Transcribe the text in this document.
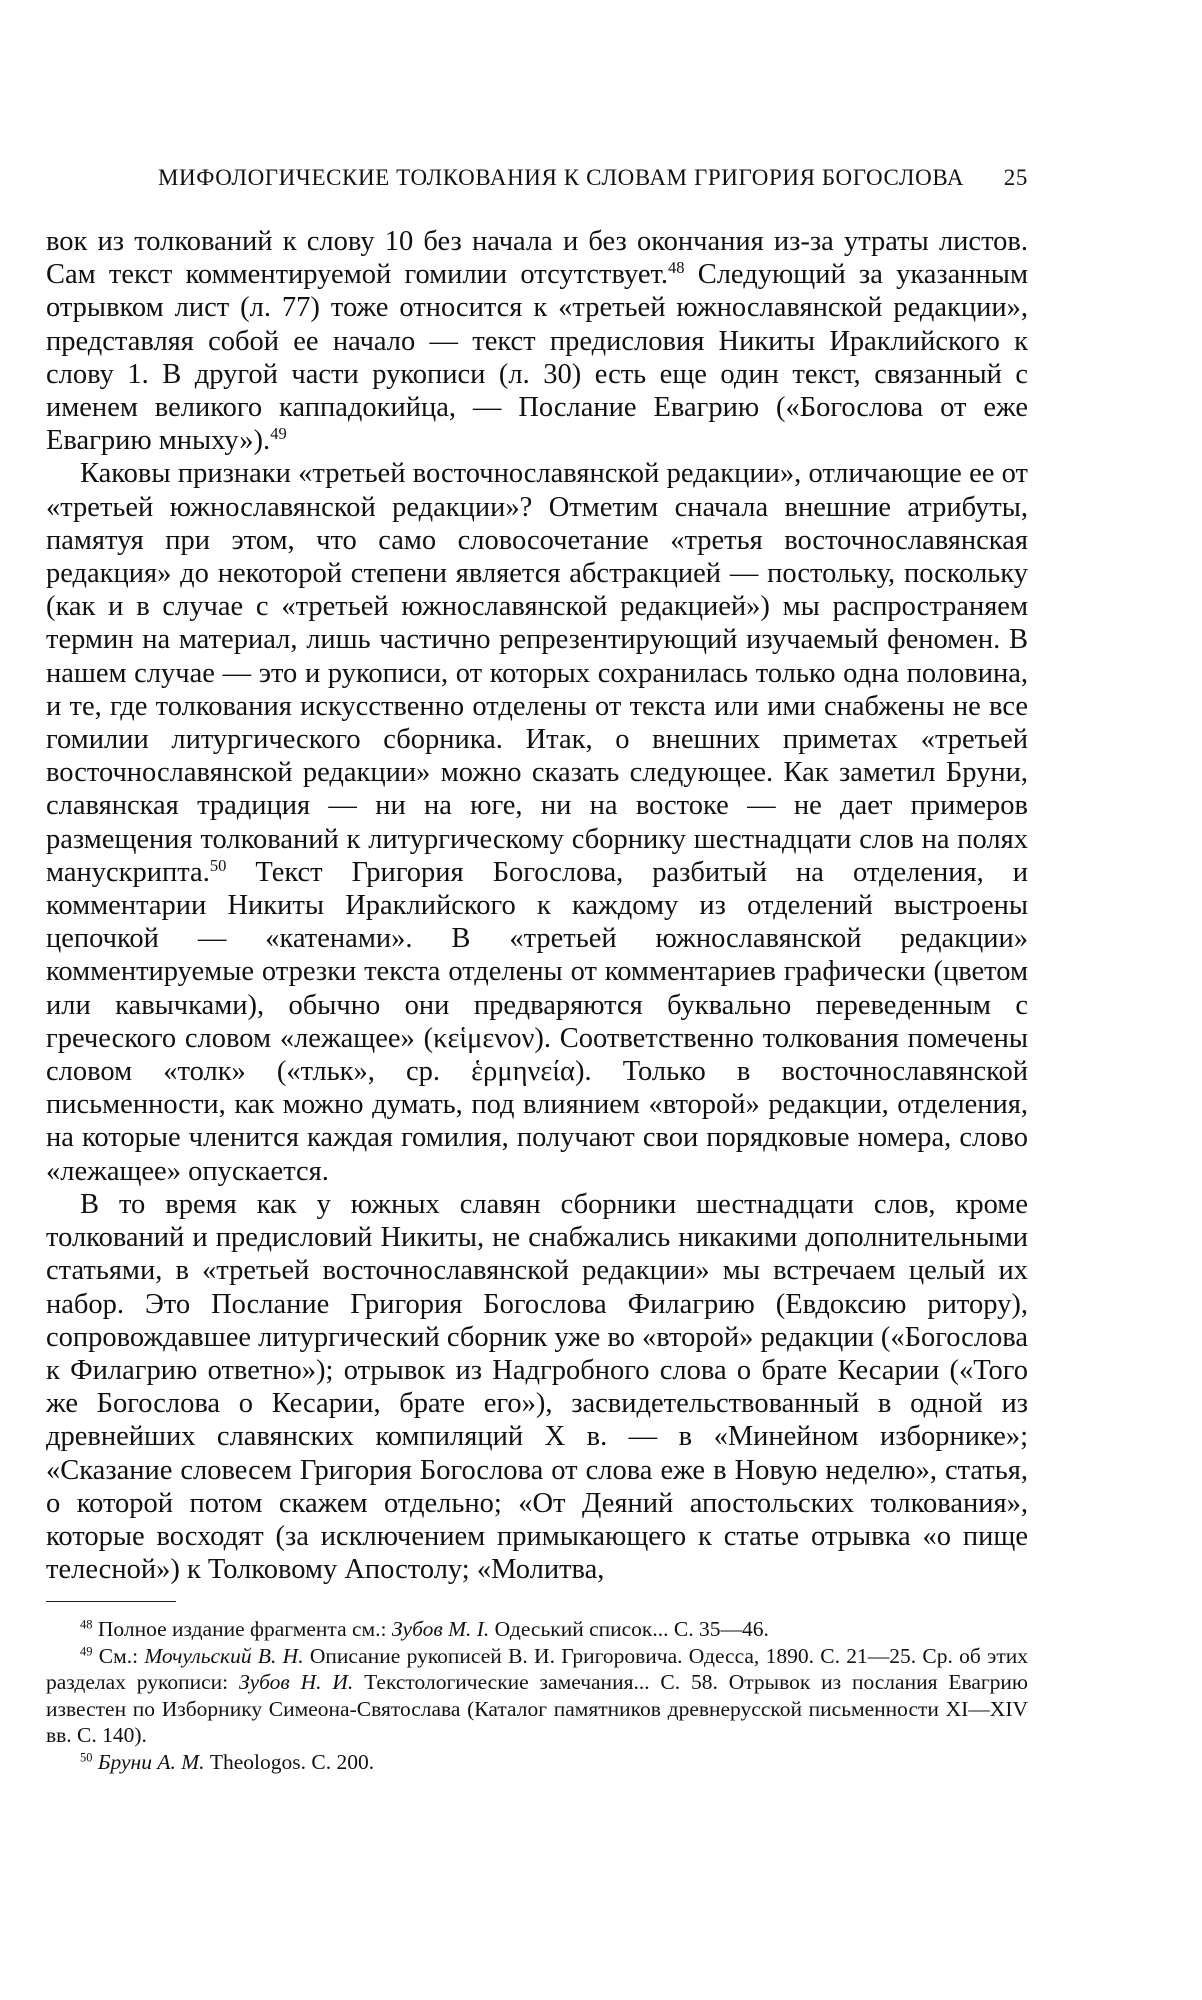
МИФОЛОГИЧЕСКИЕ ТОЛКОВАНИЯ К СЛОВАМ ГРИГОРИЯ БОГОСЛОВА 25

вок из толкований к слову 10 без начала и без окончания из-за утраты листов. Сам текст комментируемой гомилии отсутствует.$^{48}$ Следующий за указанным отрывком лист (л. 77) тоже относится к «третьей южнославянской редакции», представляя собой ее начало — текст предисловия Никиты Ираклийского к слову 1. В другой части рукописи (л. 30) есть еще один текст, связанный с именем великого каппадокийца, — Послание Евагрию («Богослова от еже Евагрию мныху»).$^{49}$

Каковы признаки «третьей восточнославянской редакции», отличающие ее от «третьей южнославянской редакции»? Отметим сначала внешние атрибуты, памятуя при этом, что само словосочетание «третья восточнославянская редакция» до некоторой степени является абстракцией — постольку, поскольку (как и в случае с «третьей южнославянской редакцией») мы распространяем термин на материал, лишь частично репрезентирующий изучаемый феномен. В нашем случае — это и рукописи, от которых сохранилась только одна половина, и те, где толкования искусственно отделены от текста или ими снабжены не все гомилии литургического сборника. Итак, о внешних приметах «третьей восточнославянской редакции» можно сказать следующее. Как заметил Бруни, славянская традиция — ни на юге, ни на востоке — не дает примеров размещения толкований к литургическому сборнику шестнадцати слов на полях манускрипта.$^{50}$ Текст Григория Богослова, разбитый на отделения, и комментарии Никиты Ираклийского к каждому из отделений выстроены цепочкой — «катенами». В «третьей южнославянской редакции» комментируемые отрезки текста отделены от комментариев графически (цветом или кавычками), обычно они предваряются буквально переведенным с греческого словом «лежащее» (κεἱμενον). Соответственно толкования помечены словом «толк» («тльк», ср. ἑρμηνεία). Только в восточнославянской письменности, как можно думать, под влиянием «второй» редакции, отделения, на которые членится каждая гомилия, получают свои порядковые номера, слово «лежащее» опускается.

В то время как у южных славян сборники шестнадцати слов, кроме толкований и предисловий Никиты, не снабжались никакими дополнительными статьями, в «третьей восточнославянской редакции» мы встречаем целый их набор. Это Послание Григория Богослова Филагрию (Евдоксию ритору), сопровождавшее литургический сборник уже во «второй» редакции («Богослова к Филагрию ответно»); отрывок из Надгробного слова о брате Кесарии («Того же Богослова о Кесарии, брате его»), засвидетельствованный в одной из древнейших славянских компиляций X в. — в «Минейном изборнике»; «Сказание словесем Григория Богослова от слова еже в Новую неделю», статья, о которой потом скажем отдельно; «От Деяний апостольских толкования», которые восходят (за исключением примыкающего к статье отрывка «о пище телесной») к Толковому Апостолу; «Молитва,

$^{48}$ Полное издание фрагмента см.: Зубов М. І. Одеський список... С. 35—46.

$^{49}$ См.: Мочульский В. Н. Описание рукописей В. И. Григоровича. Одесса, 1890. С. 21—25. Ср. об этих разделах рукописи: Зубов Н. И. Текстологические замечания... С. 58. Отрывок из послания Евагрию известен по Изборнику Симеона-Святослава (Каталог памятников древнерусской письменности XI—XIV вв. С. 140).

$^{50}$ Бруни А. М. Theologos. С. 200.
